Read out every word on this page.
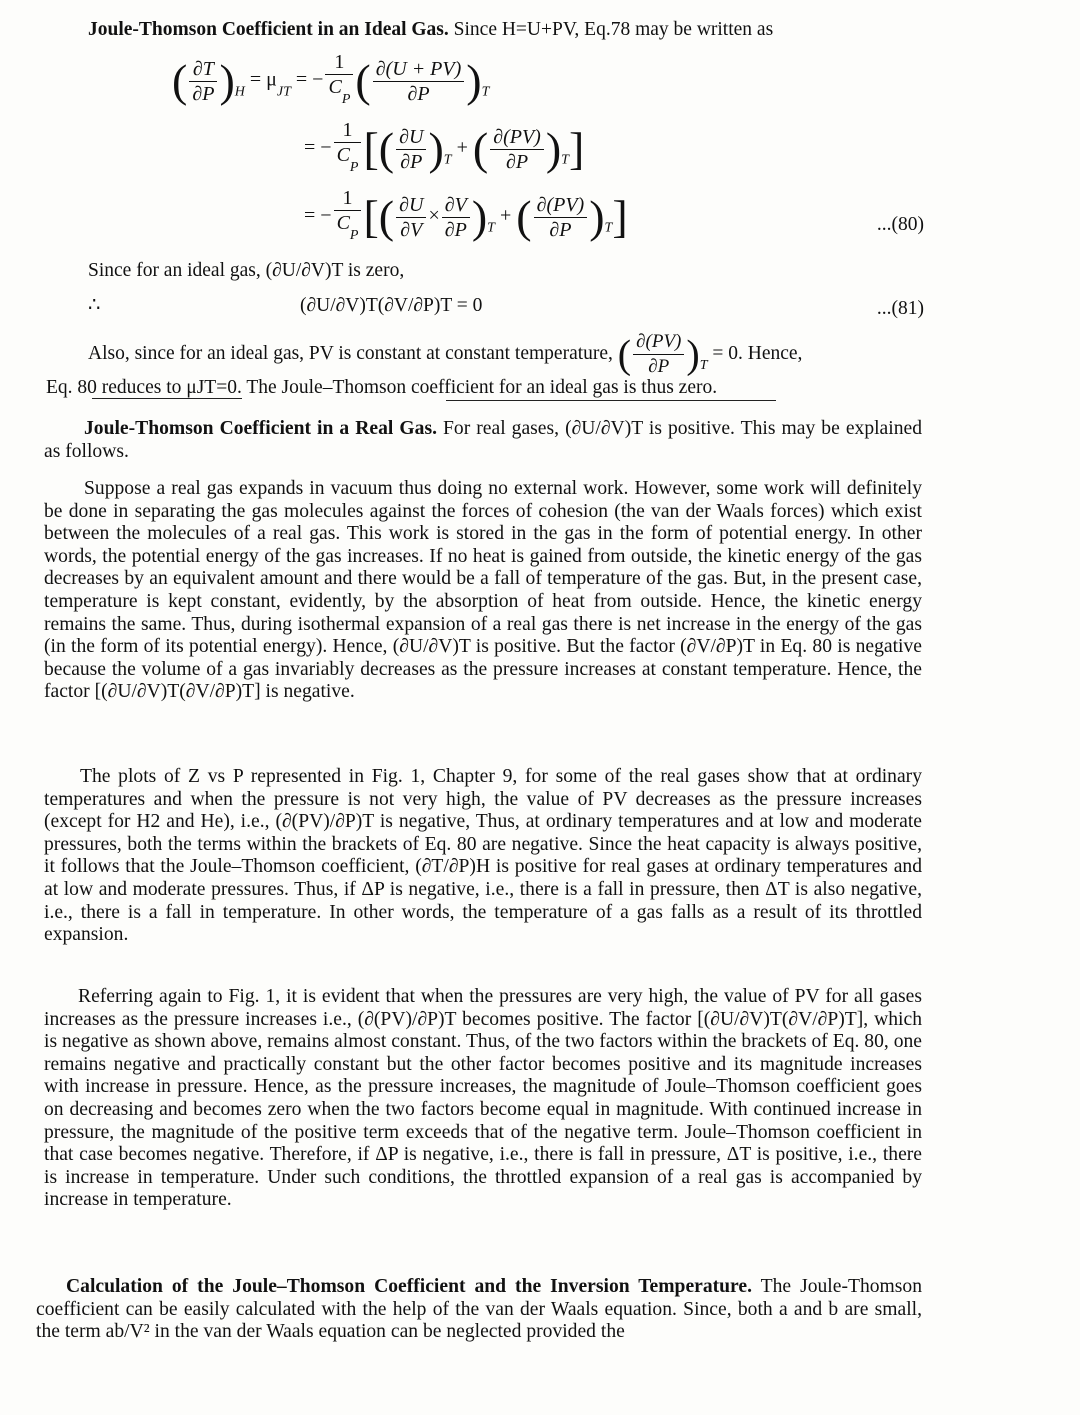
Joule-Thomson Coefficient in an Ideal Gas. Since H=U+PV, Eq.78 may be written as
( $\frac{\partial T}{\partial P} )_H = \mu_{JT}$ = − $\frac{1}{C_P}$ ( $\frac{\partial(U + PV)}{\partial P} )_T$
= − $\frac{1}{C_P}$ [( $\frac{\partial U}{\partial P} )_T$ + ( $\frac{\partial(PV)}{\partial P} )_T$]
= − $\frac{1}{C_P}$ [( $\frac{\partial U}{\partial V} \times \frac{\partial V}{\partial P} )_T$ + ( $\frac{\partial(PV)}{\partial P} )_T$]	...(80)
Since for an ideal gas, (∂U/∂V)T is zero,
∴	(∂U/∂V)T(∂V/∂P)T = 0	...(81)
Also, since for an ideal gas, PV is constant at constant temperature, ( $\frac{\partial(PV)}{\partial P} )_T = 0$. Hence,
Eq. 80 reduces to μJT=0. The Joule–Thomson coefficient for an ideal gas is thus zero.
Joule-Thomson Coefficient in a Real Gas. For real gases, (∂U/∂V)T is positive. This may be explained as follows.
Suppose a real gas expands in vacuum thus doing no external work. However, some work will definitely be done in separating the gas molecules against the forces of cohesion (the van der Waals forces) which exist between the molecules of a real gas. This work is stored in the gas in the form of potential energy. In other words, the potential energy of the gas increases. If no heat is gained from outside, the kinetic energy of the gas decreases by an equivalent amount and there would be a fall of temperature of the gas. But, in the present case, temperature is kept constant, evidently, by the absorption of heat from outside. Hence, the kinetic energy remains the same. Thus, during isothermal expansion of a real gas there is net increase in the energy of the gas (in the form of its potential energy). Hence, (∂U/∂V)T is positive. But the factor (∂V/∂P)T in Eq. 80 is negative because the volume of a gas invariably decreases as the pressure increases at constant temperature. Hence, the factor [(∂U/∂V)T(∂V/∂P)T] is negative.
The plots of Z vs P represented in Fig. 1, Chapter 9, for some of the real gases show that at ordinary temperatures and when the pressure is not very high, the value of PV decreases as the pressure increases (except for H2 and He), i.e., (∂(PV)/∂P)T is negative, Thus, at ordinary temperatures and at low and moderate pressures, both the terms within the brackets of Eq. 80 are negative. Since the heat capacity is always positive, it follows that the Joule–Thomson coefficient, (∂T/∂P)H is positive for real gases at ordinary temperatures and at low and moderate pressures. Thus, if ΔP is negative, i.e., there is a fall in pressure, then ΔT is also negative, i.e., there is a fall in temperature. In other words, the temperature of a gas falls as a result of its throttled expansion.
Referring again to Fig. 1, it is evident that when the pressures are very high, the value of PV for all gases increases as the pressure increases i.e., (∂(PV)/∂P)T becomes positive. The factor [(∂U/∂V)T(∂V/∂P)T], which is negative as shown above, remains almost constant. Thus, of the two factors within the brackets of Eq. 80, one remains negative and practically constant but the other factor becomes positive and its magnitude increases with increase in pressure. Hence, as the pressure increases, the magnitude of Joule–Thomson coefficient goes on decreasing and becomes zero when the two factors become equal in magnitude. With continued increase in pressure, the magnitude of the positive term exceeds that of the negative term. Joule–Thomson coefficient in that case becomes negative. Therefore, if ΔP is negative, i.e., there is fall in pressure, ΔT is positive, i.e., there is increase in temperature. Under such conditions, the throttled expansion of a real gas is accompanied by increase in temperature.
Calculation of the Joule–Thomson Coefficient and the Inversion Temperature. The Joule-Thomson coefficient can be easily calculated with the help of the van der Waals equation. Since, both a and b are small, the term ab/V² in the van der Waals equation can be neglected provided the
